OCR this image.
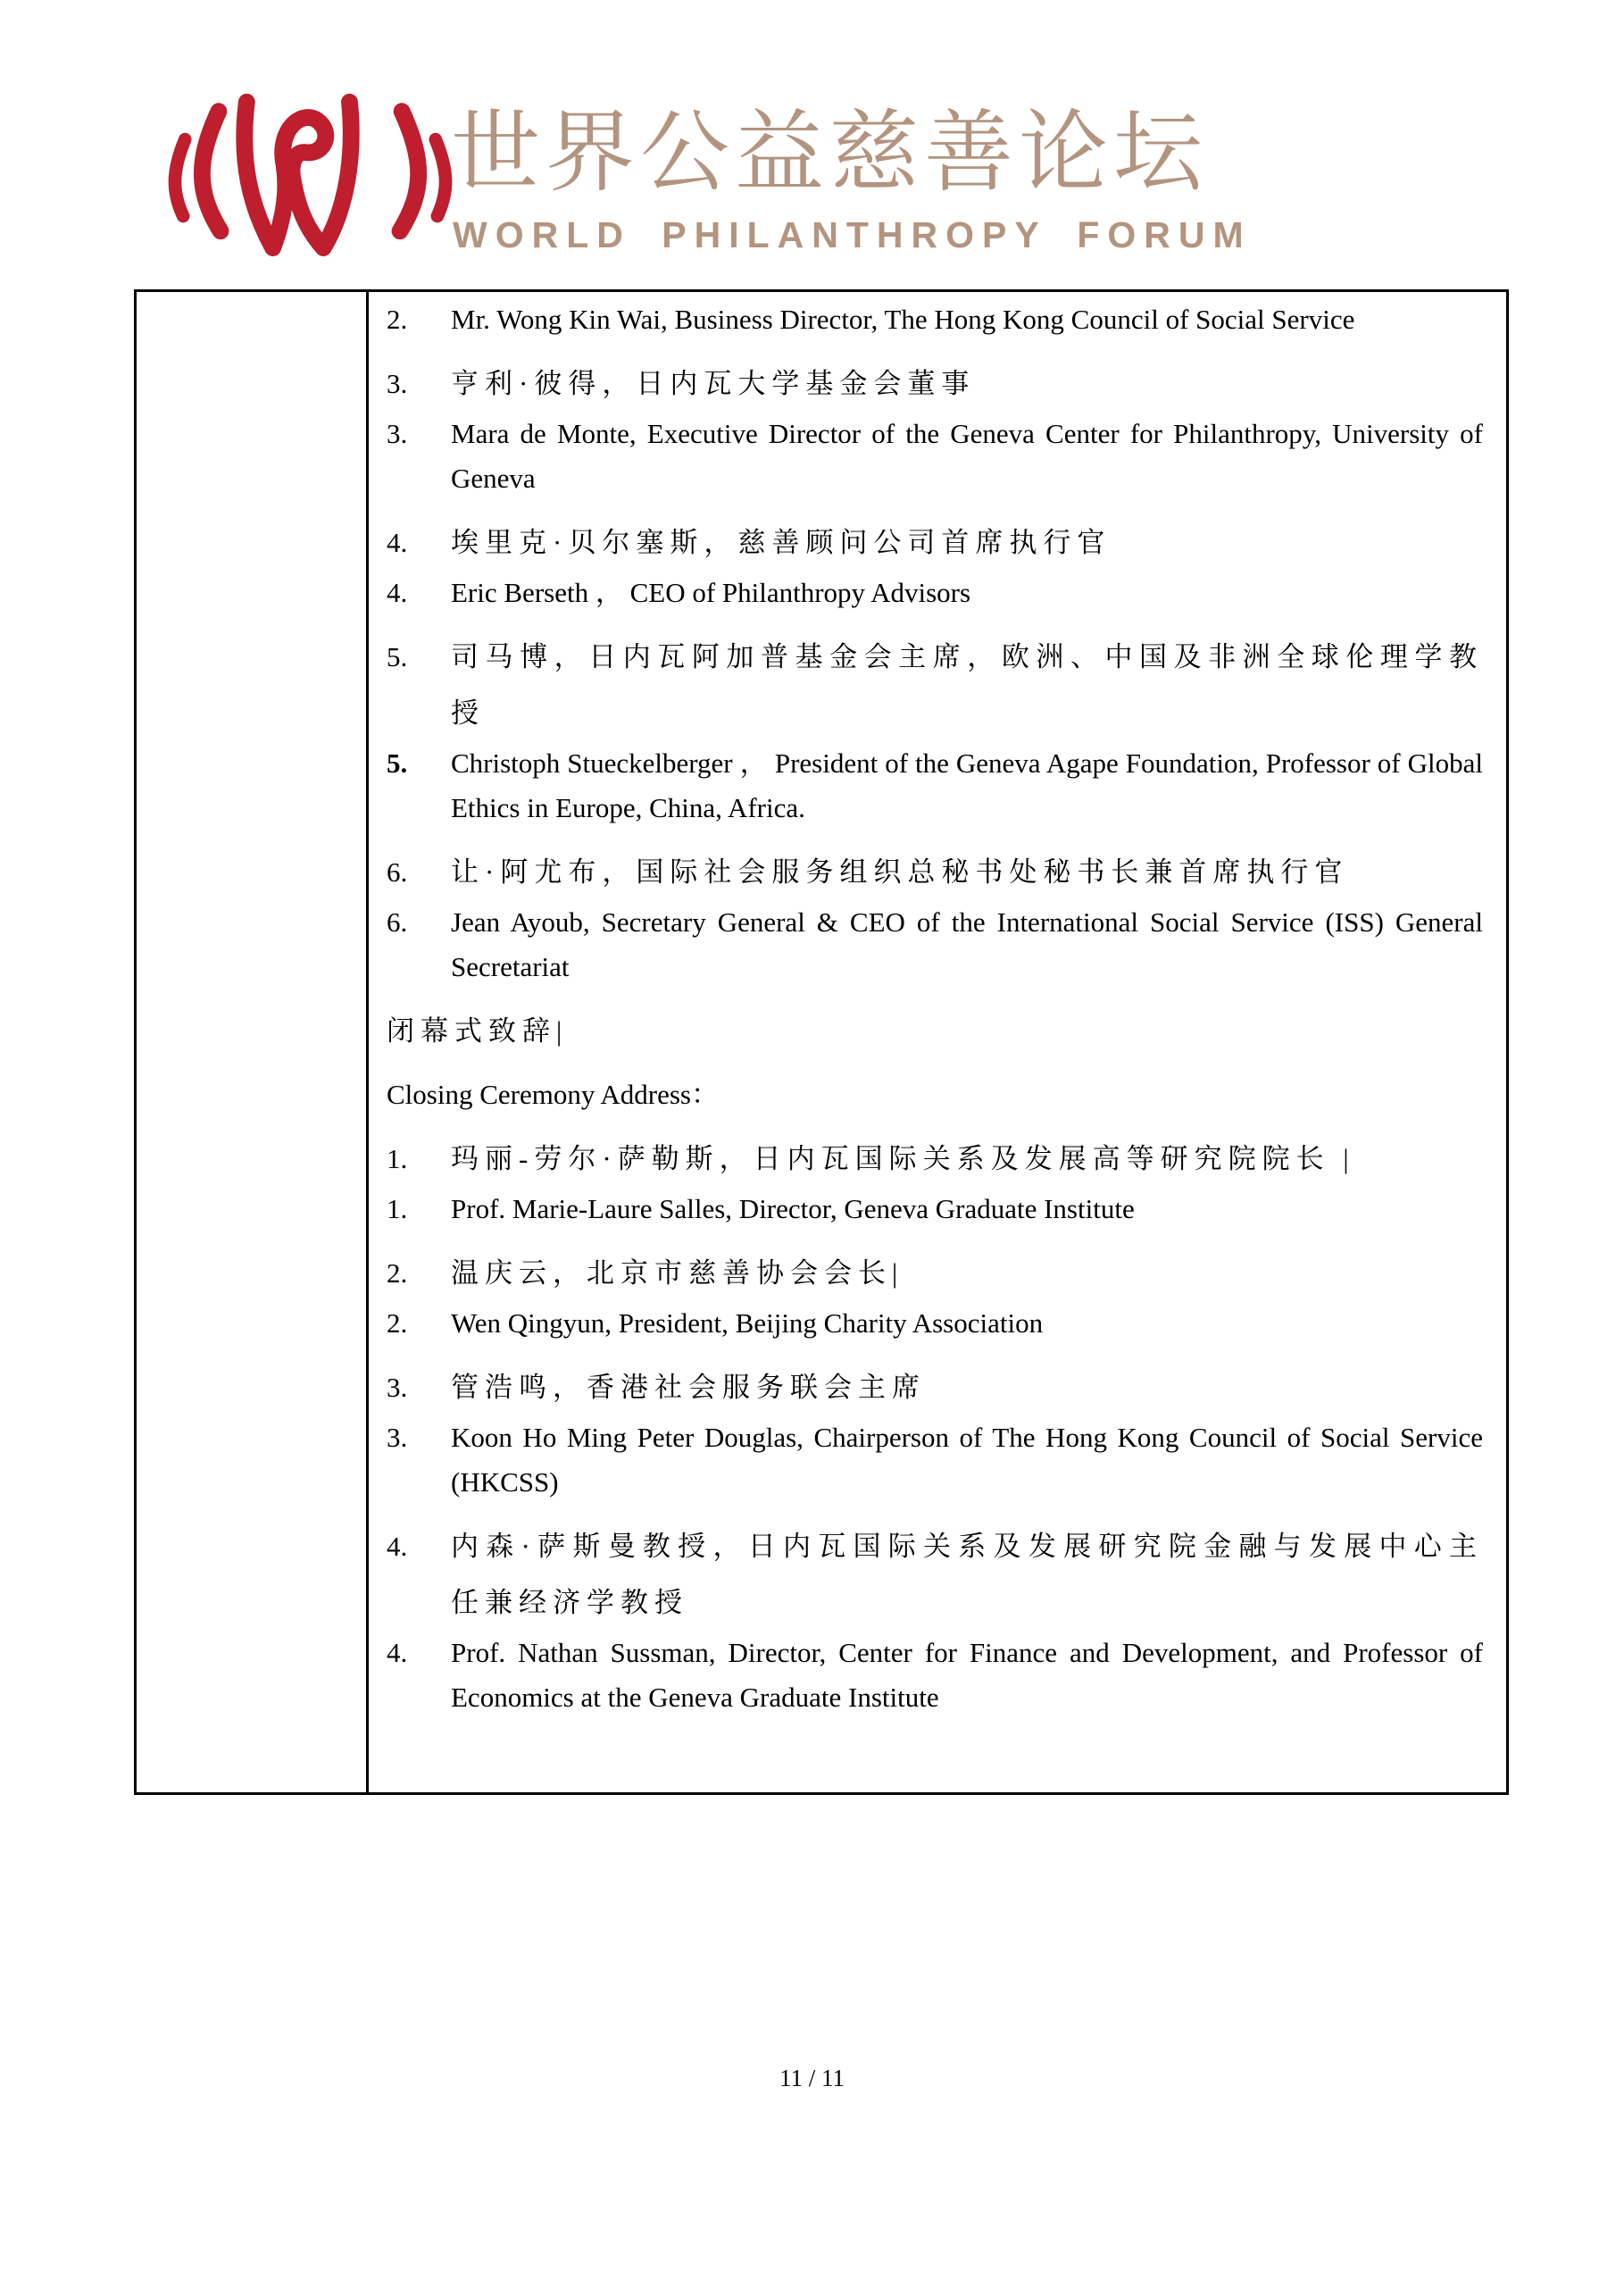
世界公益慈善论坛
WORLD PHILANTHROPY FORUM
2.	Mr. Wong Kin Wai, Business Director, The Hong Kong Council of Social Service
3.	亨利·彼得，日内瓦大学基金会董事
3.	Mara de Monte, Executive Director of the Geneva Center for Philanthropy, University of Geneva
4.	埃里克·贝尔塞斯，慈善顾问公司首席执行官
4.	Eric Berseth ， CEO of Philanthropy Advisors
5.	司马博，日内瓦阿加普基金会主席，欧洲、中国及非洲全球伦理学教授
5.	Christoph Stueckelberger ， President of the Geneva Agape Foundation, Professor of Global Ethics in Europe, China, Africa.
6.	让·阿尤布，国际社会服务组织总秘书处秘书长兼首席执行官
6.	Jean Ayoub, Secretary General & CEO of the International Social Service (ISS) General Secretariat
闭幕式致辞|
Closing Ceremony Address：
1.	玛丽-劳尔·萨勒斯，日内瓦国际关系及发展高等研究院院长 |
1.	Prof. Marie-Laure Salles, Director, Geneva Graduate Institute
2.	温庆云，北京市慈善协会会长|
2.	Wen Qingyun, President, Beijing Charity Association
3.	管浩鸣，香港社会服务联会主席
3.	Koon Ho Ming Peter Douglas, Chairperson of The Hong Kong Council of Social Service (HKCSS)
4.	内森·萨斯曼教授，日内瓦国际关系及发展研究院金融与发展中心主任兼经济学教授
4.	Prof. Nathan Sussman, Director, Center for Finance and Development, and Professor of Economics at the Geneva Graduate Institute
11 / 11
